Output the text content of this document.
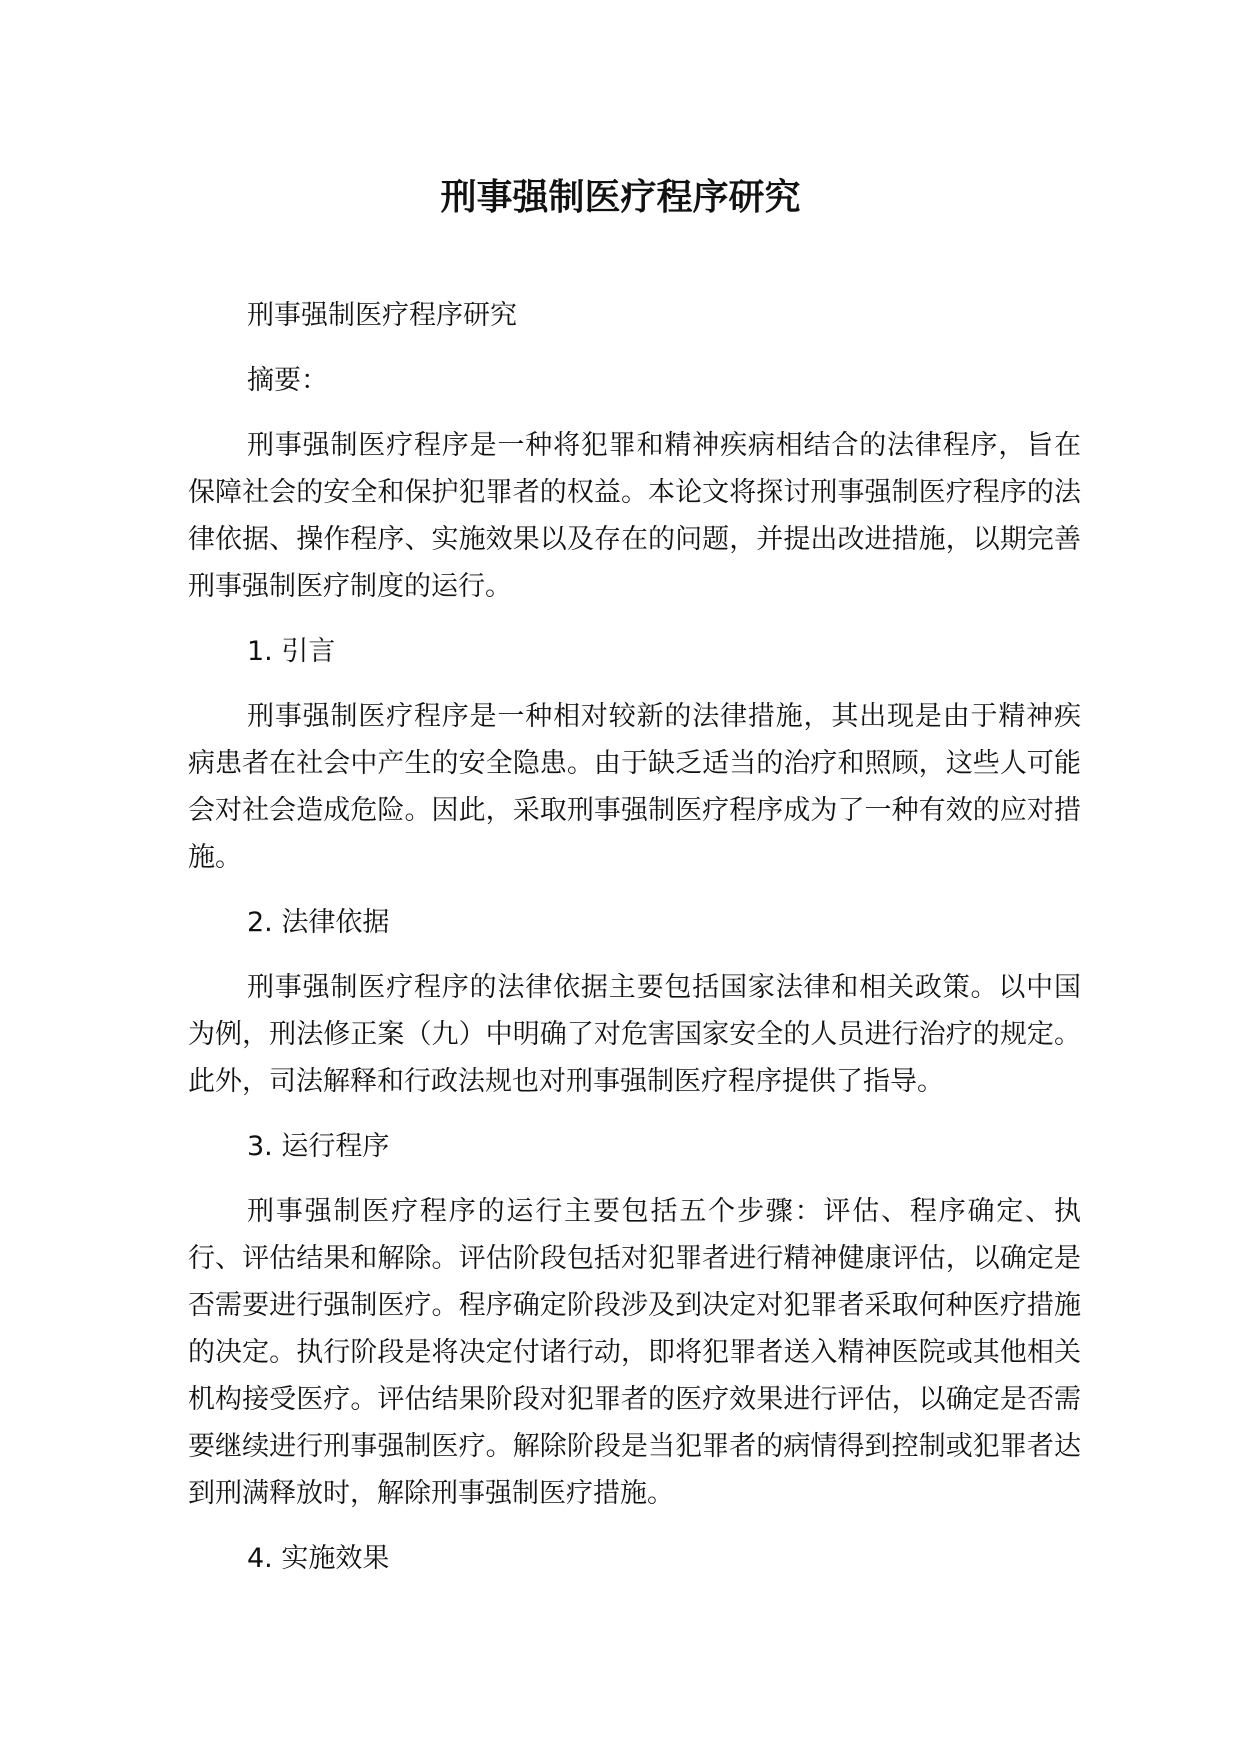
刑事强制医疗程序研究

刑事强制医疗程序研究

摘要：

刑事强制医疗程序是一种将犯罪和精神疾病相结合的法律程序，旨在保障社会的安全和保护犯罪者的权益。本论文将探讨刑事强制医疗程序的法律依据、操作程序、实施效果以及存在的问题，并提出改进措施，以期完善刑事强制医疗制度的运行。

1. 引言

刑事强制医疗程序是一种相对较新的法律措施，其出现是由于精神疾病患者在社会中产生的安全隐患。由于缺乏适当的治疗和照顾，这些人可能会对社会造成危险。因此，采取刑事强制医疗程序成为了一种有效的应对措施。

2. 法律依据

刑事强制医疗程序的法律依据主要包括国家法律和相关政策。以中国为例，刑法修正案（九）中明确了对危害国家安全的人员进行治疗的规定。此外，司法解释和行政法规也对刑事强制医疗程序提供了指导。

3. 运行程序

刑事强制医疗程序的运行主要包括五个步骤：评估、程序确定、执行、评估结果和解除。评估阶段包括对犯罪者进行精神健康评估，以确定是否需要进行强制医疗。程序确定阶段涉及到决定对犯罪者采取何种医疗措施的决定。执行阶段是将决定付诸行动，即将犯罪者送入精神医院或其他相关机构接受医疗。评估结果阶段对犯罪者的医疗效果进行评估，以确定是否需要继续进行刑事强制医疗。解除阶段是当犯罪者的病情得到控制或犯罪者达到刑满释放时，解除刑事强制医疗措施。

4. 实施效果
